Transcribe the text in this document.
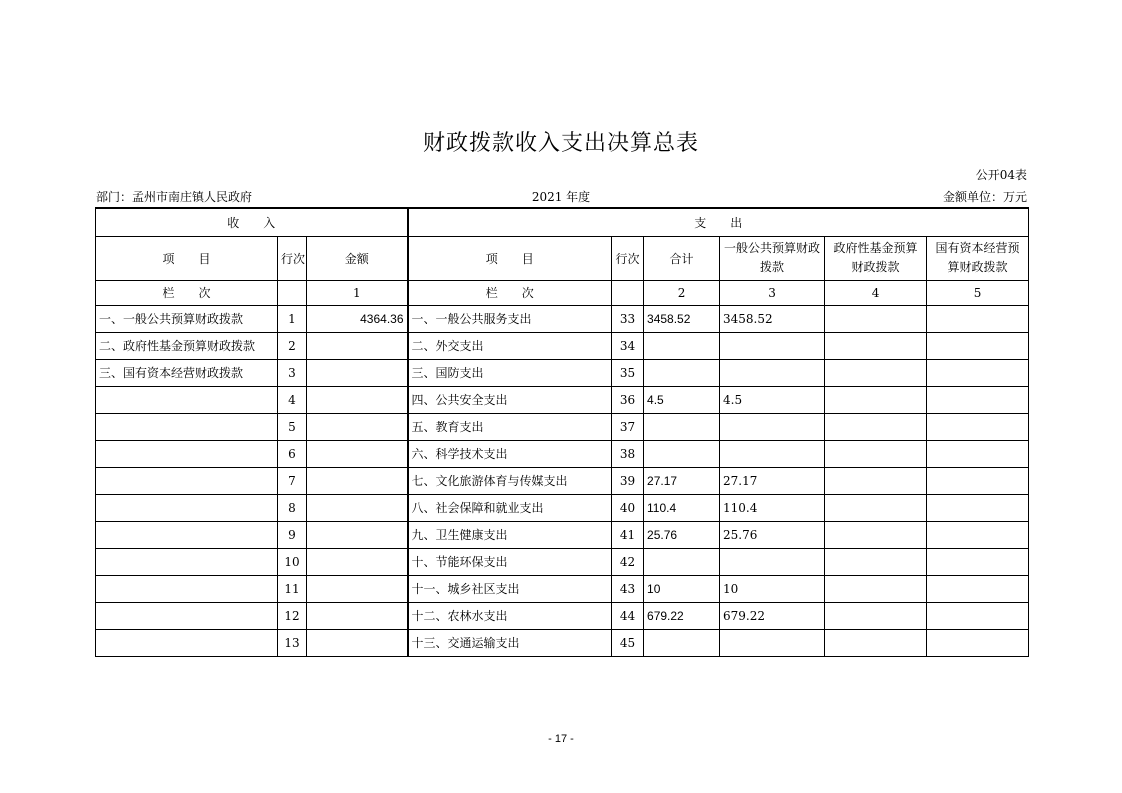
财政拨款收入支出决算总表
公开04表
部门：孟州市南庄镇人民政府	2021 年度	金额单位：万元
收　　入			支　　出					
项　　目	行次	金额	项　　目	行次	合计	一般公共预算财政拨款	政府性基金预算财政拨款	国有资本经营预算财政拨款
栏　　次		1	栏　　次		2	3	4	5
一、一般公共预算财政拨款	1	4364.36	一、一般公共服务支出	33	3458.52	3458.52		
二、政府性基金预算财政拨款	2		二、外交支出	34				
三、国有资本经营财政拨款	3		三、国防支出	35				
	4		四、公共安全支出	36	4.5	4.5		
	5		五、教育支出	37				
	6		六、科学技术支出	38				
	7		七、文化旅游体育与传媒支出	39	27.17	27.17		
	8		八、社会保障和就业支出	40	110.4	110.4		
	9		九、卫生健康支出	41	25.76	25.76		
	10		十、节能环保支出	42				
	11		十一、城乡社区支出	43	10	10		
	12		十二、农林水支出	44	679.22	679.22		
	13		十三、交通运输支出	45				
- 17 -
